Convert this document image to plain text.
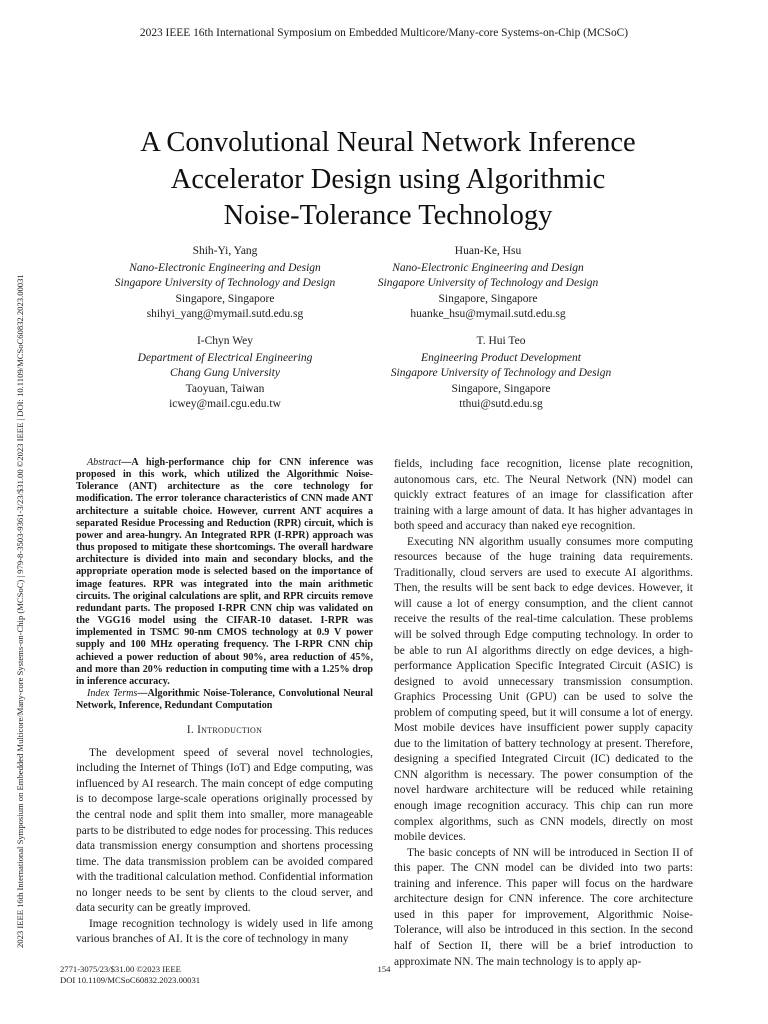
2023 IEEE 16th International Symposium on Embedded Multicore/Many-core Systems-on-Chip (MCSoC)
2023 IEEE 16th International Symposium on Embedded Multicore/Many-core Systems-on-Chip (MCSoC) | 979-8-3503-9361-3/23/$31.00 ©2023 IEEE | DOI: 10.1109/MCSoC60832.2023.00031
A Convolutional Neural Network Inference
Accelerator Design using Algorithmic
Noise-Tolerance Technology
Shih-Yi, Yang
Nano-Electronic Engineering and Design
Singapore University of Technology and Design
Singapore, Singapore
shihyi_yang@mymail.sutd.edu.sg
Huan-Ke, Hsu
Nano-Electronic Engineering and Design
Singapore University of Technology and Design
Singapore, Singapore
huanke_hsu@mymail.sutd.edu.sg
I-Chyn Wey
Department of Electrical Engineering
Chang Gung University
Taoyuan, Taiwan
icwey@mail.cgu.edu.tw
T. Hui Teo
Engineering Product Development
Singapore University of Technology and Design
Singapore, Singapore
tthui@sutd.edu.sg

Abstract—A high-performance chip for CNN inference was proposed in this work, which utilized the Algorithmic Noise-Tolerance (ANT) architecture as the core technology for modification. The error tolerance characteristics of CNN made ANT architecture a suitable choice. However, current ANT acquires a separated Residue Processing and Reduction (RPR) circuit, which is power and area-hungry. An Integrated RPR (I-RPR) approach was thus proposed to mitigate these shortcomings. The overall hardware architecture is divided into main and secondary blocks, and the appropriate operation mode is selected based on the importance of image features. RPR was integrated into the main arithmetic circuits. The original calculations are split, and RPR circuits remove redundant parts. The proposed I-RPR CNN chip was validated on the VGG16 model using the CIFAR-10 dataset. I-RPR was implemented in TSMC 90-nm CMOS technology at 0.9 V power supply and 100 MHz operating frequency. The I-RPR CNN chip achieved a power reduction of about 90%, area reduction of 45%, and more than 20% reduction in computing time with a 1.25% drop in inference accuracy.

Index Terms—Algorithmic Noise-Tolerance, Convolutional Neural Network, Inference, Redundant Computation

I. Introduction

The development speed of several novel technologies, including the Internet of Things (IoT) and Edge computing, was influenced by AI research. The main concept of edge computing is to decompose large-scale operations originally processed by the central node and split them into smaller, more manageable parts to be distributed to edge nodes for processing. This reduces data transmission energy consumption and shortens processing time. The data transmission problem can be avoided compared with the traditional calculation method. Confidential information no longer needs to be sent by clients to the cloud server, and data security can be greatly improved.

Image recognition technology is widely used in life among various branches of AI. It is the core of technology in many

fields, including face recognition, license plate recognition, autonomous cars, etc. The Neural Network (NN) model can quickly extract features of an image for classification after training with a large amount of data. It has higher advantages in both speed and accuracy than naked eye recognition.

Executing NN algorithm usually consumes more computing resources because of the huge training data requirements. Traditionally, cloud servers are used to execute AI algorithms. Then, the results will be sent back to edge devices. However, it will cause a lot of energy consumption, and the client cannot receive the results of the real-time calculation. These problems will be solved through Edge computing technology. In order to be able to run AI algorithms directly on edge devices, a high-performance Application Specific Integrated Circuit (ASIC) is designed to avoid unnecessary transmission consumption. Graphics Processing Unit (GPU) can be used to solve the problem of computing speed, but it will consume a lot of energy. Most mobile devices have insufficient power supply capacity due to the limitation of battery technology at present. Therefore, designing a specified Integrated Circuit (IC) dedicated to the CNN algorithm is necessary. The power consumption of the novel hardware architecture will be reduced while retaining enough image recognition accuracy. This chip can run more complex algorithms, such as CNN models, directly on most mobile devices.

The basic concepts of NN will be introduced in Section II of this paper. The CNN model can be divided into two parts: training and inference. This paper will focus on the hardware architecture design for CNN inference. The core architecture used in this paper for improvement, Algorithmic Noise-Tolerance, will also be introduced in this section. In the second half of Section II, there will be a brief introduction to approximate NN. The main technology is to apply ap-

2771-3075/23/$31.00 ©2023 IEEE
DOI 10.1109/MCSoC60832.2023.00031
154
